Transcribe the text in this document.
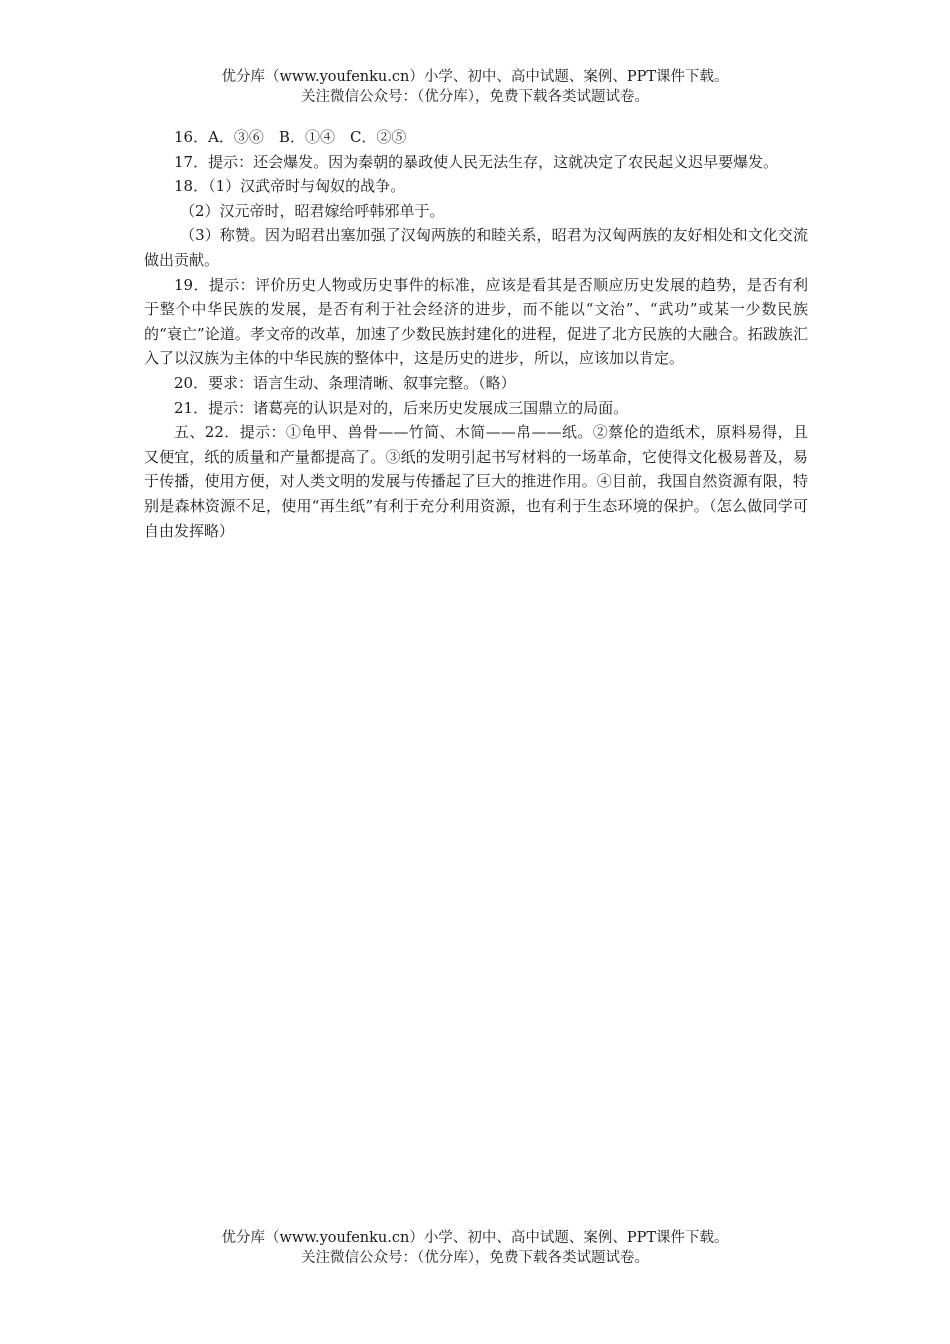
优分库（www.youfenku.cn）小学、初中、高中试题、案例、PPT课件下载。
关注微信公众号：（优分库），免费下载各类试题试卷。

16．A．③⑥　B．①④　C．②⑤

17．提示：还会爆发。因为秦朝的暴政使人民无法生存，这就决定了农民起义迟早要爆发。

18．（1）汉武帝时与匈奴的战争。

（2）汉元帝时，昭君嫁给呼韩邪单于。

（3）称赞。因为昭君出塞加强了汉匈两族的和睦关系，昭君为汉匈两族的友好相处和文化交流做出贡献。

19．提示：评价历史人物或历史事件的标准，应该是看其是否顺应历史发展的趋势，是否有利于整个中华民族的发展，是否有利于社会经济的进步，而不能以“文治”、“武功”或某一少数民族的“衰亡”论道。孝文帝的改革，加速了少数民族封建化的进程，促进了北方民族的大融合。拓跋族汇入了以汉族为主体的中华民族的整体中，这是历史的进步，所以，应该加以肯定。

20．要求：语言生动、条理清晰、叙事完整。（略）

21．提示：诸葛亮的认识是对的，后来历史发展成三国鼎立的局面。

五、22．提示：①龟甲、兽骨——竹简、木简——帛——纸。②蔡伦的造纸术，原料易得，且又便宜，纸的质量和产量都提高了。③纸的发明引起书写材料的一场革命，它使得文化极易普及，易于传播，使用方便，对人类文明的发展与传播起了巨大的推进作用。④目前，我国自然资源有限，特别是森林资源不足，使用“再生纸”有利于充分利用资源，也有利于生态环境的保护。（怎么做同学可自由发挥略）

优分库（www.youfenku.cn）小学、初中、高中试题、案例、PPT课件下载。
关注微信公众号：（优分库），免费下载各类试题试卷。
